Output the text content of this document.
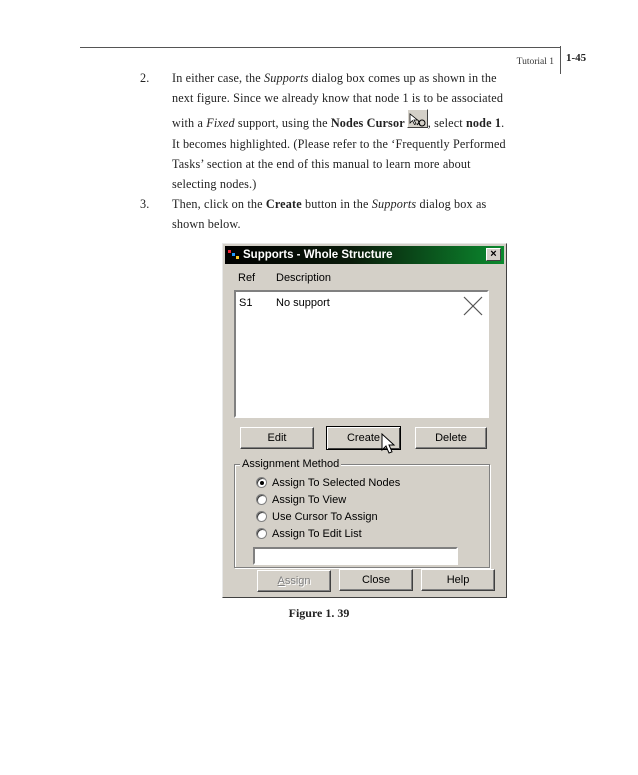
Tutorial 1 1-45
2.	In either case, the Supports dialog box comes up as shown in the
next figure. Since we already know that node 1 is to be associated
with a Fixed support, using the Nodes Cursor , select node 1.
It becomes highlighted. (Please refer to the ‘Frequently Performed
Tasks’ section at the end of this manual to learn more about
selecting nodes.)
3.	Then, click on the Create button in the Supports dialog box as
shown below.
Supports - Whole Structure	×
Ref Description
S1 No support
Edit	Create	Delete
Assignment Method
Assign To Selected Nodes
Assign To View
Use Cursor To Assign
Assign To Edit List
Assign	Close	Help
Figure 1. 39
